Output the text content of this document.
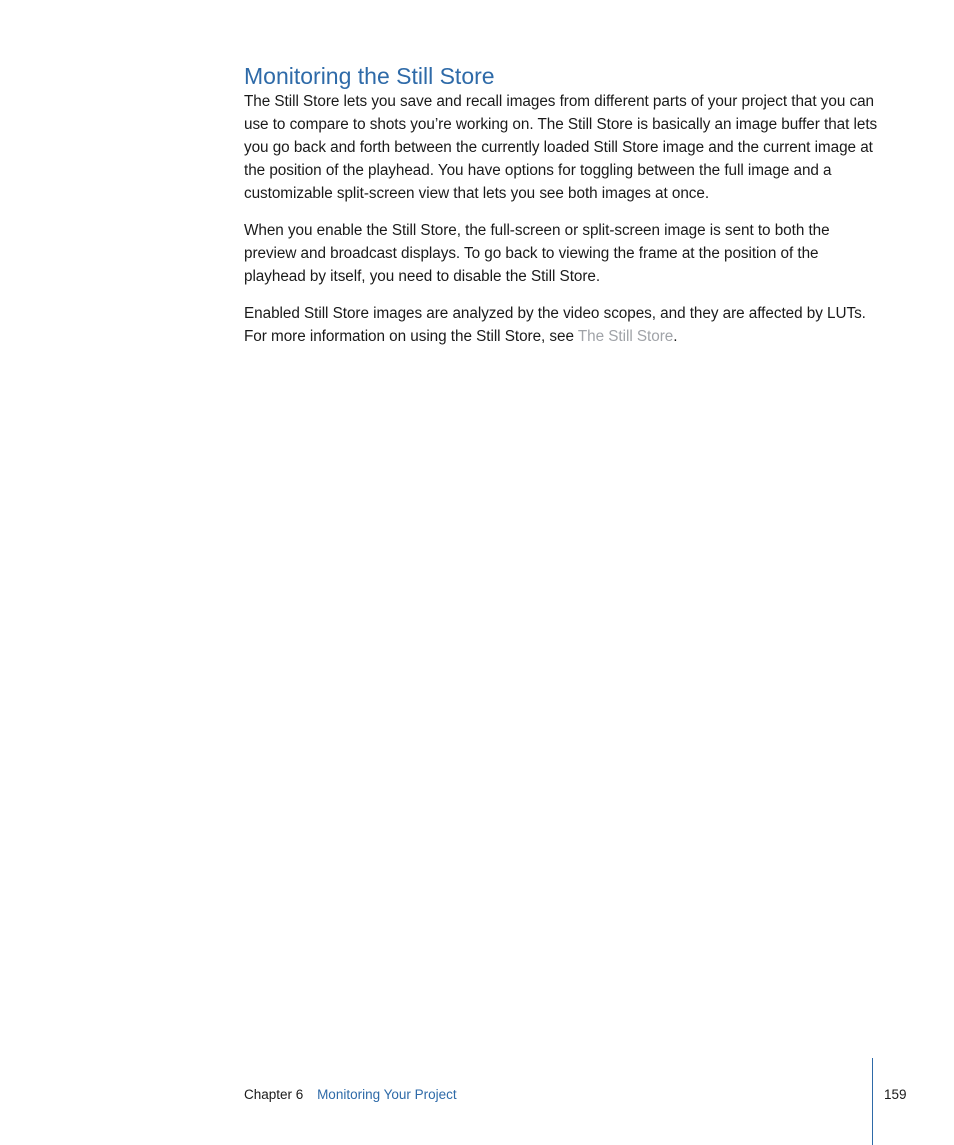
Monitoring the Still Store

The Still Store lets you save and recall images from different parts of your project that you can use to compare to shots you’re working on. The Still Store is basically an image buffer that lets you go back and forth between the currently loaded Still Store image and the current image at the position of the playhead. You have options for toggling between the full image and a customizable split-screen view that lets you see both images at once.

When you enable the Still Store, the full-screen or split-screen image is sent to both the preview and broadcast displays. To go back to viewing the frame at the position of the playhead by itself, you need to disable the Still Store.

Enabled Still Store images are analyzed by the video scopes, and they are affected by LUTs. For more information on using the Still Store, see The Still Store.

Chapter 6 Monitoring Your Project	159
